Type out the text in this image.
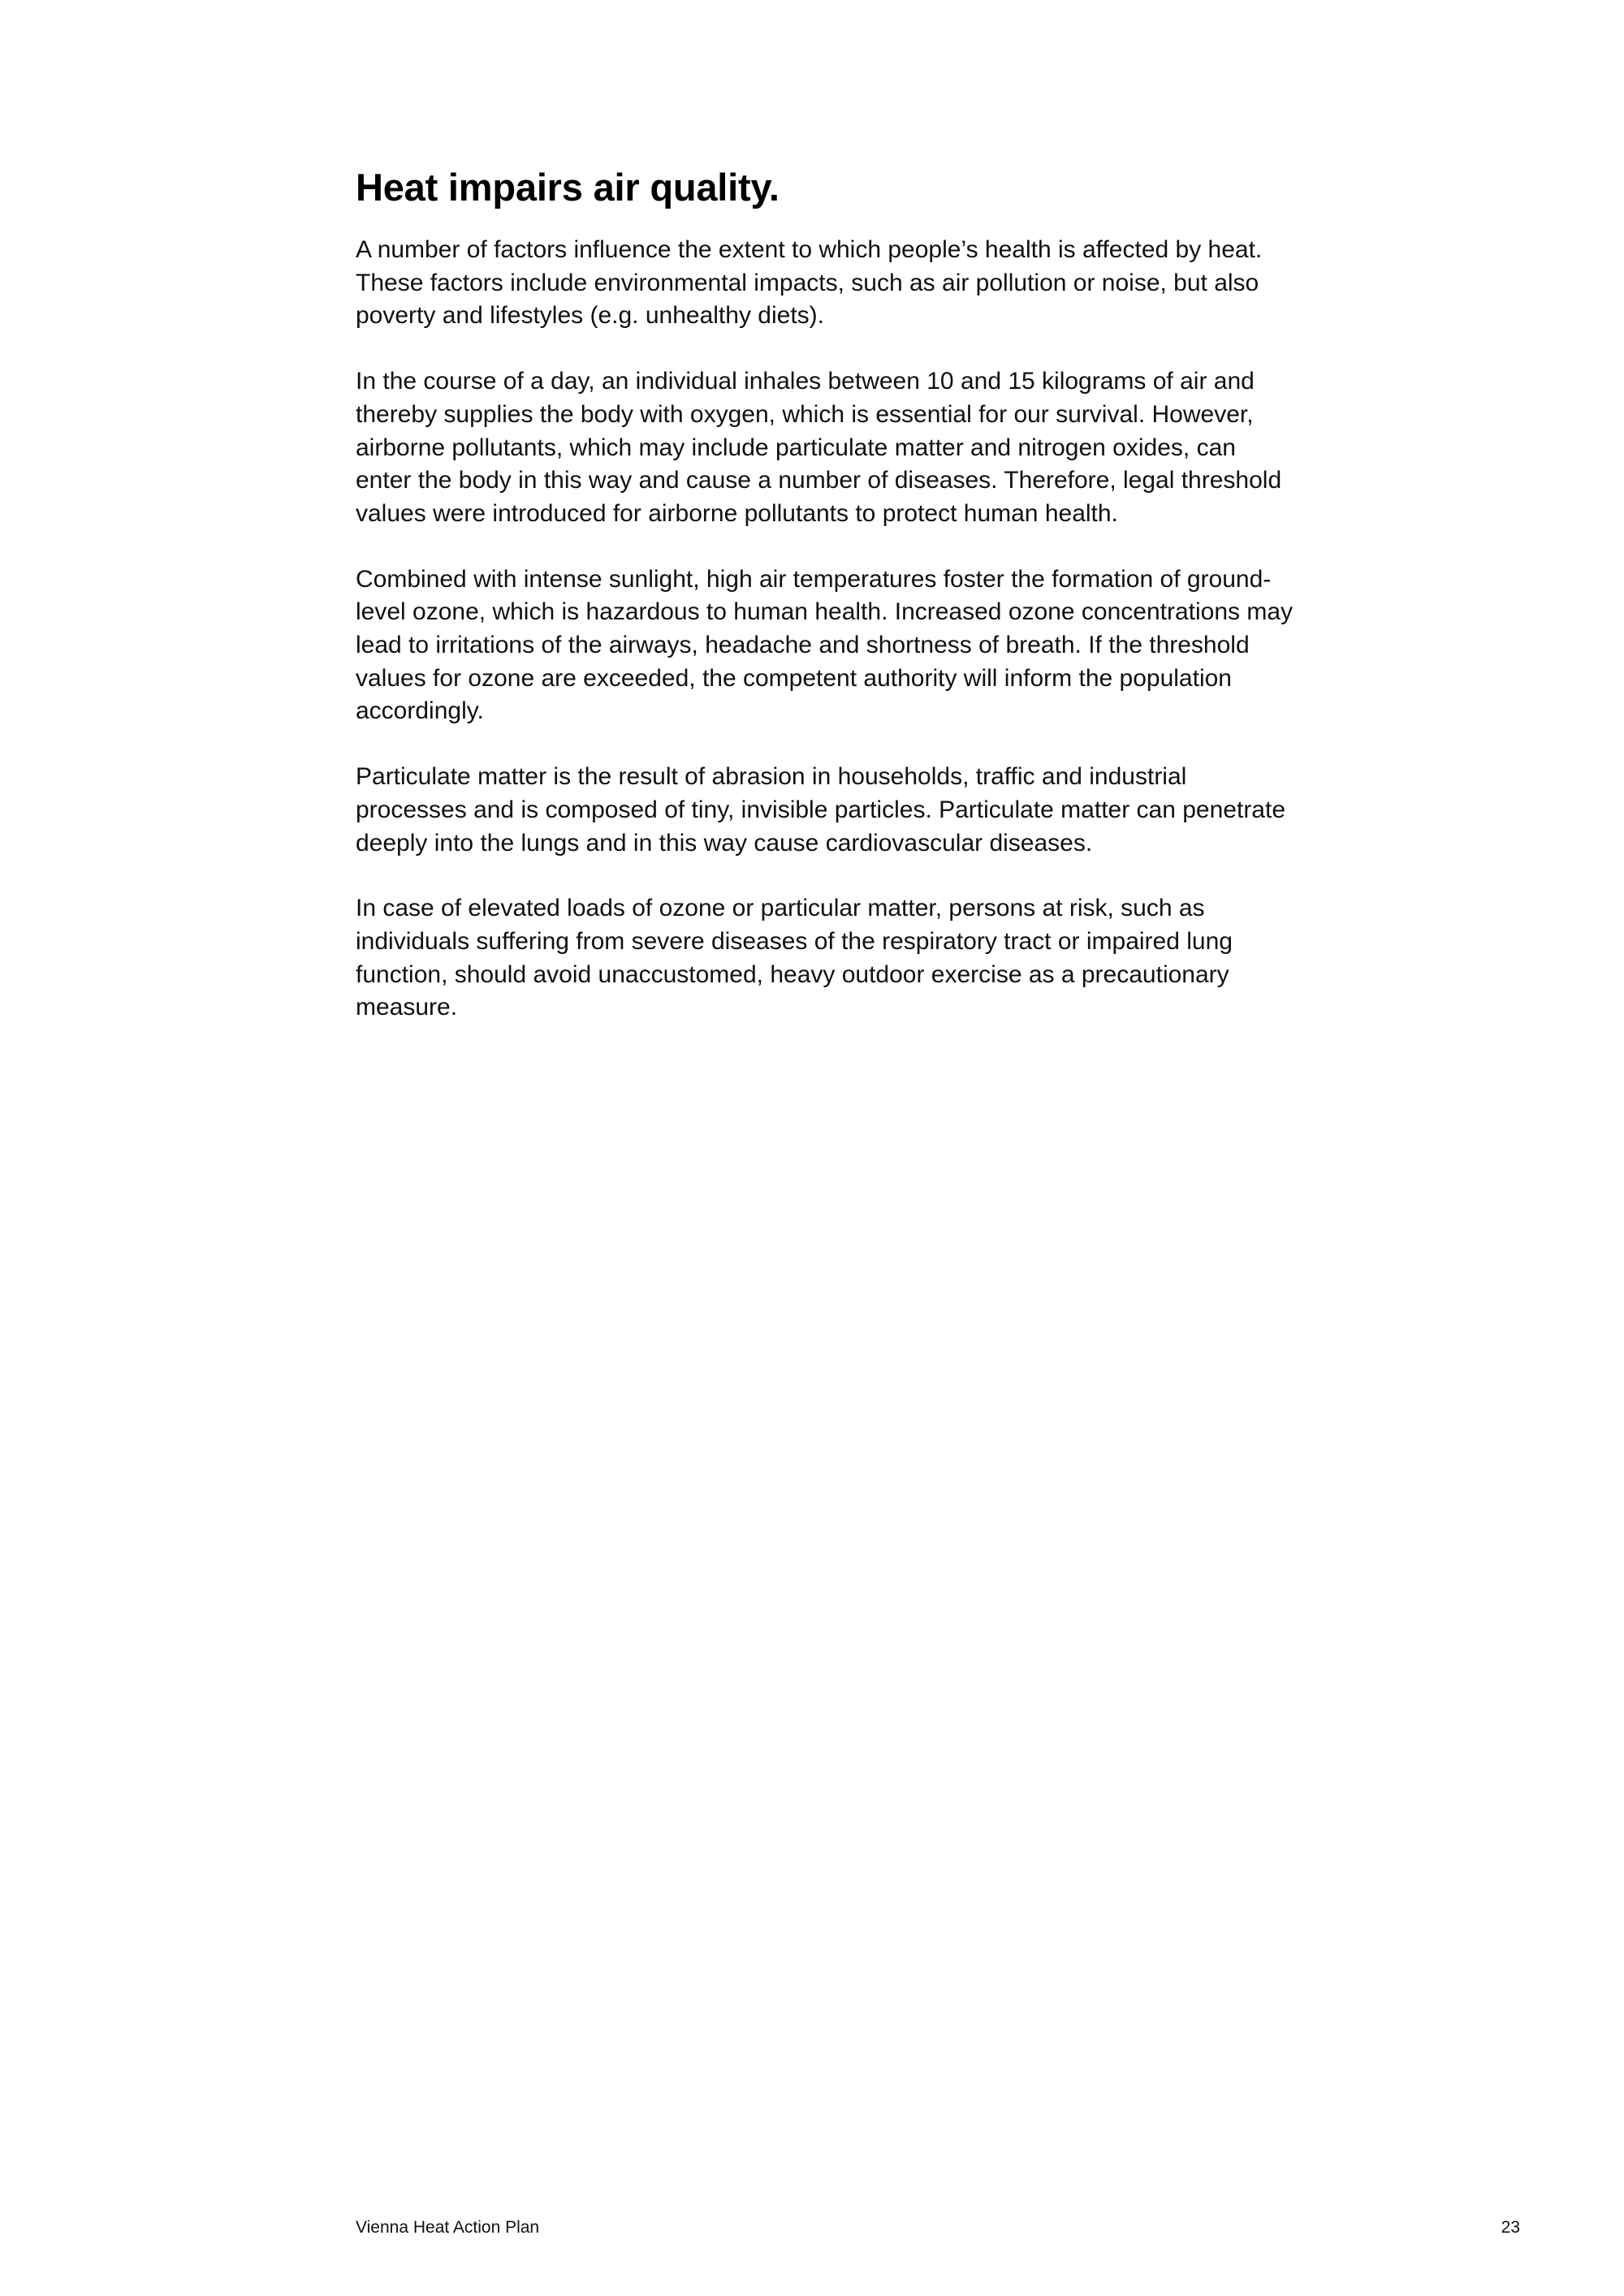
Heat impairs air quality.

A number of factors influence the extent to which people’s health is affected by heat. These factors include environmental impacts, such as air pollution or noise, but also poverty and lifestyles (e.g. unhealthy diets).

In the course of a day, an individual inhales between 10 and 15 kilograms of air and thereby supplies the body with oxygen, which is essential for our survival. However, airborne pollutants, which may include particulate matter and nitrogen oxides, can enter the body in this way and cause a number of diseases. Therefore, legal threshold values were introduced for airborne pollutants to protect human health.

Combined with intense sunlight, high air temperatures foster the formation of ground-level ozone, which is hazardous to human health. Increased ozone concentrations may lead to irritations of the airways, headache and shortness of breath. If the threshold values for ozone are exceeded, the competent authority will inform the population accordingly.

Particulate matter is the result of abrasion in households, traffic and industrial processes and is composed of tiny, invisible particles. Particulate matter can penetrate deeply into the lungs and in this way cause cardiovascular diseases.

In case of elevated loads of ozone or particular matter, persons at risk, such as individuals suffering from severe diseases of the respiratory tract or impaired lung function, should avoid unaccustomed, heavy outdoor exercise as a precautionary measure.

Vienna Heat Action Plan	23
